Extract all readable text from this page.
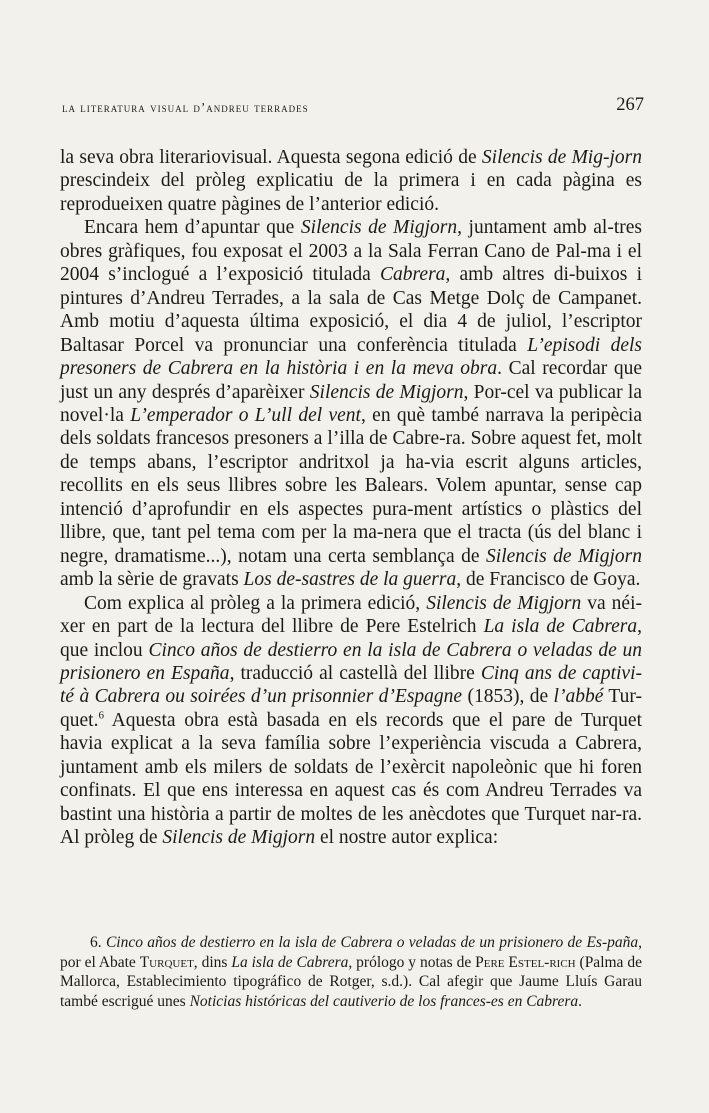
la literatura visual d’andreu terrades	267

la seva obra literariovisual. Aquesta segona edició de Silencis de Mig-jorn prescindeix del pròleg explicatiu de la primera i en cada pàgina es reprodueixen quatre pàgines de l’anterior edició.

Encara hem d’apuntar que Silencis de Migjorn, juntament amb al-tres obres gràfiques, fou exposat el 2003 a la Sala Ferran Cano de Pal-ma i el 2004 s’inclogué a l’exposició titulada Cabrera, amb altres di-buixos i pintures d’Andreu Terrades, a la sala de Cas Metge Dolç de Campanet. Amb motiu d’aquesta última exposició, el dia 4 de juliol, l’escriptor Baltasar Porcel va pronunciar una conferència titulada L’episodi dels presoners de Cabrera en la història i en la meva obra. Cal recordar que just un any després d’aparèixer Silencis de Migjorn, Por-cel va publicar la novel·la L’emperador o L’ull del vent, en què també narrava la peripècia dels soldats francesos presoners a l’illa de Cabre-ra. Sobre aquest fet, molt de temps abans, l’escriptor andritxol ja ha-via escrit alguns articles, recollits en els seus llibres sobre les Balears. Volem apuntar, sense cap intenció d’aprofundir en els aspectes pura-ment artístics o plàstics del llibre, que, tant pel tema com per la ma-nera que el tracta (ús del blanc i negre, dramatisme...), notam una certa semblança de Silencis de Migjorn amb la sèrie de gravats Los de-sastres de la guerra, de Francisco de Goya.

Com explica al pròleg a la primera edició, Silencis de Migjorn va néi-xer en part de la lectura del llibre de Pere Estelrich La isla de Cabrera, que inclou Cinco años de destierro en la isla de Cabrera o veladas de un prisionero en España, traducció al castellà del llibre Cinq ans de captivi-té à Cabrera ou soirées d’un prisonnier d’Espagne (1853), de l’abbé Tur-quet.$^6$ Aquesta obra està basada en els records que el pare de Turquet havia explicat a la seva família sobre l’experiència viscuda a Cabrera, juntament amb els milers de soldats de l’exèrcit napoleònic que hi foren confinats. El que ens interessa en aquest cas és com Andreu Terrades va bastint una història a partir de moltes de les anècdotes que Turquet nar-ra. Al pròleg de Silencis de Migjorn el nostre autor explica:

6. Cinco años de destierro en la isla de Cabrera o veladas de un prisionero de Es-paña, por el Abate Turquet, dins La isla de Cabrera, prólogo y notas de Pere Estel-rich (Palma de Mallorca, Establecimiento tipográfico de Rotger, s.d.). Cal afegir que Jaume Lluís Garau també escrigué unes Noticias históricas del cautiverio de los frances-es en Cabrera.
